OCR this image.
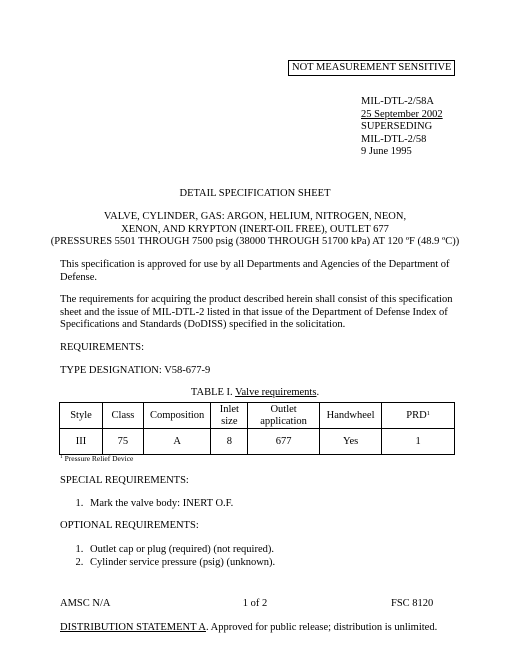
NOT MEASUREMENT SENSITIVE
MIL-DTL-2/58A
25 September 2002
SUPERSEDING
MIL-DTL-2/58
9 June 1995
DETAIL SPECIFICATION SHEET
VALVE, CYLINDER, GAS: ARGON, HELIUM, NITROGEN, NEON,
XENON, AND KRYPTON (INERT-OIL FREE), OUTLET 677
(PRESSURES 5501 THROUGH 7500 psig (38000 THROUGH 51700 kPa) AT 120 ºF (48.9 ºC))
This specification is approved for use by all Departments and Agencies of the Department of
Defense.
The requirements for acquiring the product described herein shall consist of this specification
sheet and the issue of MIL-DTL-2 listed in that issue of the Department of Defense Index of
Specifications and Standards (DoDISS) specified in the solicitation.
REQUIREMENTS:
TYPE DESIGNATION: V58-677-9
TABLE I. Valve requirements.
Style	Class	Composition	Inlet size	Outlet application	Handwheel	PRD$^1$
III	75	A	8	677	Yes	1
$^1$ Pressure Relief Device
SPECIAL REQUIREMENTS:
1. Mark the valve body: INERT O.F.
OPTIONAL REQUIREMENTS:
1. Outlet cap or plug (required) (not required).
2. Cylinder service pressure (psig) (unknown).
AMSC N/A	1 of 2	FSC 8120
DISTRIBUTION STATEMENT A. Approved for public release; distribution is unlimited.
